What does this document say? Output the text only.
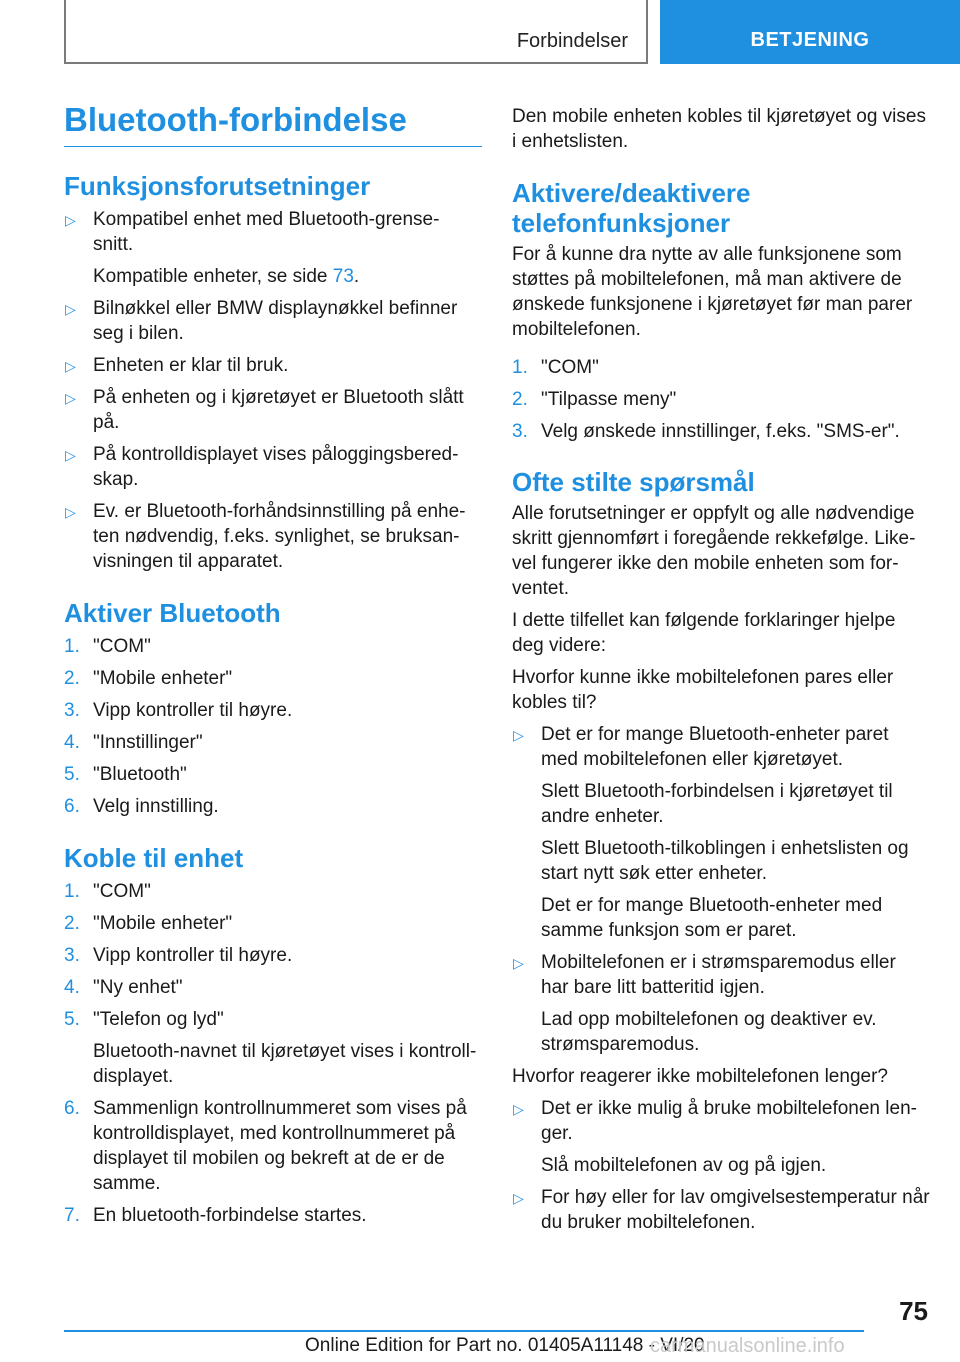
Forbindelser	BETJENING
Bluetooth-forbindelse
Funksjonsforutsetninger
▷ Kompatibel enhet med Bluetooth-grense-
snitt.
Kompatible enheter, se side 73.
▷ Bilnøkkel eller BMW displaynøkkel befinner
seg i bilen.
▷ Enheten er klar til bruk.
▷ På enheten og i kjøretøyet er Bluetooth slått
på.
▷ På kontrolldisplayet vises påloggingsbered-
skap.
▷ Ev. er Bluetooth-forhåndsinnstilling på enhe-
ten nødvendig, f.eks. synlighet, se bruksan-
visningen til apparatet.
Aktiver Bluetooth
1. "COM"
2. "Mobile enheter"
3. Vipp kontroller til høyre.
4. "Innstillinger"
5. "Bluetooth"
6. Velg innstilling.
Koble til enhet
1. "COM"
2. "Mobile enheter"
3. Vipp kontroller til høyre.
4. "Ny enhet"
5. "Telefon og lyd"
Bluetooth-navnet til kjøretøyet vises i kontroll-
displayet.
6. Sammenlign kontrollnummeret som vises på
kontrolldisplayet, med kontrollnummeret på
displayet til mobilen og bekreft at de er de
samme.
7. En bluetooth-forbindelse startes.

Den mobile enheten kobles til kjøretøyet og vises

i enhetslisten.

Aktivere/deaktivere
telefonfunksjoner

For å kunne dra nytte av alle funksjonene som

støttes på mobiltelefonen, må man aktivere de

ønskede funksjonene i kjøretøyet før man parer

mobiltelefonen.

1. "COM"
2. "Tilpasse meny"
3. Velg ønskede innstillinger, f.eks. "SMS-er".
Ofte stilte spørsmål

Alle forutsetninger er oppfylt og alle nødvendige

skritt gjennomført i foregående rekkefølge. Like-

vel fungerer ikke den mobile enheten som for-

ventet.

I dette tilfellet kan følgende forklaringer hjelpe

deg videre:

Hvorfor kunne ikke mobiltelefonen pares eller

kobles til?

▷ Det er for mange Bluetooth-enheter paret
med mobiltelefonen eller kjøretøyet.
Slett Bluetooth-forbindelsen i kjøretøyet til
andre enheter.
Slett Bluetooth-tilkoblingen i enhetslisten og
start nytt søk etter enheter.
Det er for mange Bluetooth-enheter med
samme funksjon som er paret.
▷ Mobiltelefonen er i strømsparemodus eller
har bare litt batteritid igjen.
Lad opp mobiltelefonen og deaktiver ev.
strømsparemodus.

Hvorfor reagerer ikke mobiltelefonen lenger?

▷ Det er ikke mulig å bruke mobiltelefonen len-
ger.
Slå mobiltelefonen av og på igjen.
▷ For høy eller for lav omgivelsestemperatur når
du bruker mobiltelefonen.
75
Online Edition for Part no. 01405A11148 - VI/20
carmanualsonline.info
